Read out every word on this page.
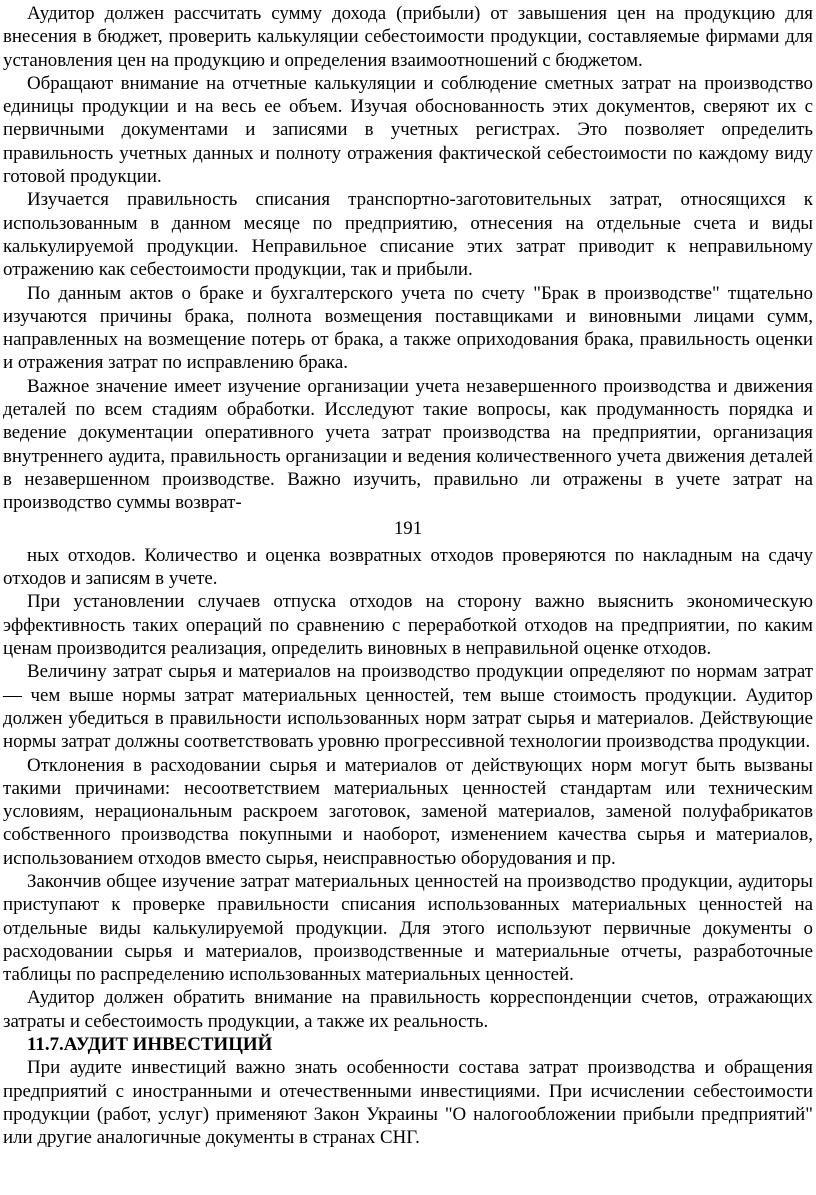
Аудитор должен рассчитать сумму дохода (прибыли) от завышения цен на продукцию для внесения в бюджет, проверить калькуляции себестоимости продукции, составляемые фирмами для установления цен на продукцию и определения взаимоотношений с бюджетом.

Обращают внимание на отчетные калькуляции и соблюдение сметных затрат на производство единицы продукции и на весь ее объем. Изучая обоснованность этих документов, сверяют их с первичными документами и записями в учетных регистрах. Это позволяет определить правильность учетных данных и полноту отражения фактической себестоимости по каждому виду готовой продукции.

Изучается правильность списания транспортно-заготовительных затрат, относящихся к использованным в данном месяце по предприятию, отнесения на отдельные счета и виды калькулируемой продукции. Неправильное списание этих затрат приводит к неправильному отражению как себестоимости продукции, так и прибыли.

По данным актов о браке и бухгалтерского учета по счету "Брак в производстве" тщательно изучаются причины брака, полнота возмещения поставщиками и виновными лицами сумм, направленных на возмещение потерь от брака, а также оприходования брака, правильность оценки и отражения затрат по исправлению брака.

Важное значение имеет изучение организации учета незавершенного производства и движения деталей по всем стадиям обработки. Исследуют такие вопросы, как продуманность порядка и ведение документации оперативного учета затрат производства на предприятии, организация внутреннего аудита, правильность организации и ведения количественного учета движения деталей в незавершенном производстве. Важно изучить, правильно ли отражены в учете затрат на производство суммы возврат-

191

ных отходов. Количество и оценка возвратных отходов проверяются по накладным на сдачу отходов и записям в учете.

При установлении случаев отпуска отходов на сторону важно выяснить экономическую эффективность таких операций по сравнению с переработкой отходов на предприятии, по каким ценам производится реализация, определить виновных в неправильной оценке отходов.

Величину затрат сырья и материалов на производство продукции определяют по нормам затрат — чем выше нормы затрат материальных ценностей, тем выше стоимость продукции. Аудитор должен убедиться в правильности использованных норм затрат сырья и материалов. Действующие нормы затрат должны соответствовать уровню прогрессивной технологии производства продукции.

Отклонения в расходовании сырья и материалов от действующих норм могут быть вызваны такими причинами: несоответствием материальных ценностей стандартам или техническим условиям, нерациональным раскроем заготовок, заменой материалов, заменой полуфабрикатов собственного производства покупными и наоборот, изменением качества сырья и материалов, использованием отходов вместо сырья, неисправностью оборудования и пр.

Закончив общее изучение затрат материальных ценностей на производство продукции, аудиторы приступают к проверке правильности списания использованных материальных ценностей на отдельные виды калькулируемой продукции. Для этого используют первичные документы о расходовании сырья и материалов, производственные и материальные отчеты, разработочные таблицы по распределению использованных материальных ценностей.

Аудитор должен обратить внимание на правильность корреспонденции счетов, отражающих затраты и себестоимость продукции, а также их реальность.

11.7.АУДИТ ИНВЕСТИЦИЙ

При аудите инвестиций важно знать особенности состава затрат производства и обращения предприятий с иностранными и отечественными инвестициями. При исчислении себестоимости продукции (работ, услуг) применяют Закон Украины "О налогообложении прибыли предприятий" или другие аналогичные документы в странах СНГ.
